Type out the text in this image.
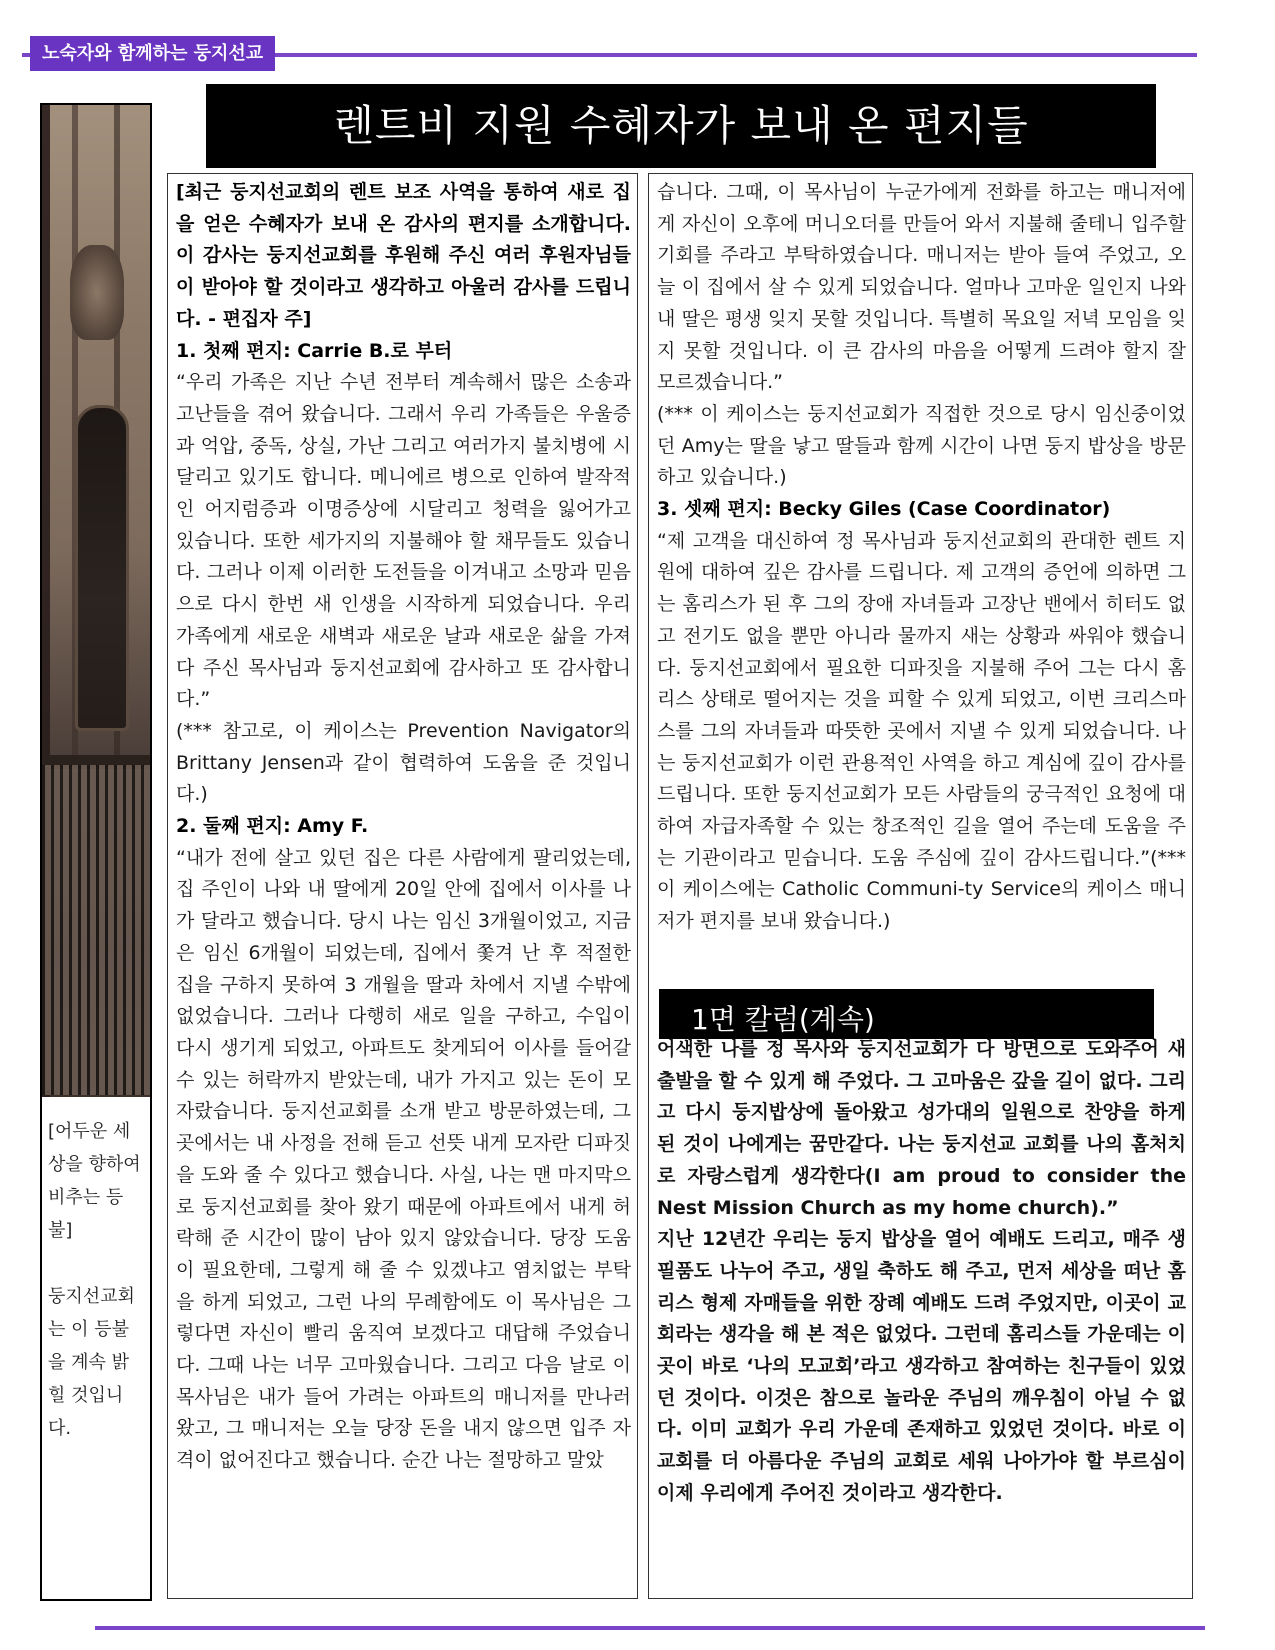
노숙자와 함께하는 둥지선교
렌트비 지원 수혜자가 보내 온 편지들

[어두운 세상을 향하여 비추는 등불]

둥지선교회는 이 등불을 계속 밝힐 것입니다.

[최근 둥지선교회의 렌트 보조 사역을 통하여 새로 집을 얻은 수혜자가 보내 온 감사의 편지를 소개합니다. 이 감사는 둥지선교회를 후원해 주신 여러 후원자님들이 받아야 할 것이라고 생각하고 아울러 감사를 드립니다. - 편집자 주]

1. 첫째 편지: Carrie B.로 부터

“우리 가족은 지난 수년 전부터 계속해서 많은 소송과 고난들을 겪어 왔습니다. 그래서 우리 가족들은 우울증과 억압, 중독, 상실, 가난 그리고 여러가지 불치병에 시달리고 있기도 합니다. 메니에르 병으로 인하여 발작적인 어지럼증과 이명증상에 시달리고 청력을 잃어가고 있습니다. 또한 세가지의 지불해야 할 채무들도 있습니다. 그러나 이제 이러한 도전들을 이겨내고 소망과 믿음으로 다시 한번 새 인생을 시작하게 되었습니다. 우리 가족에게 새로운 새벽과 새로운 날과 새로운 삶을 가져다 주신 목사님과 둥지선교회에 감사하고 또 감사합니다.”

(*** 참고로, 이 케이스는 Prevention Navigator의 Brittany Jensen과 같이 협력하여 도움을 준 것입니다.)

2. 둘째 편지: Amy F.

“내가 전에 살고 있던 집은 다른 사람에게 팔리었는데, 집 주인이 나와 내 딸에게 20일 안에 집에서 이사를 나가 달라고 했습니다. 당시 나는 임신 3개월이었고, 지금은 임신 6개월이 되었는데, 집에서 쫓겨 난 후 적절한 집을 구하지 못하여 3 개월을 딸과 차에서 지낼 수밖에 없었습니다. 그러나 다행히 새로 일을 구하고, 수입이 다시 생기게 되었고, 아파트도 찾게되어 이사를 들어갈 수 있는 허락까지 받았는데, 내가 가지고 있는 돈이 모자랐습니다. 둥지선교회를 소개 받고 방문하였는데, 그곳에서는 내 사정을 전해 듣고 선뜻 내게 모자란 디파짓을 도와 줄 수 있다고 했습니다. 사실, 나는 맨 마지막으로 둥지선교회를 찾아 왔기 때문에 아파트에서 내게 허락해 준 시간이 많이 남아 있지 않았습니다. 당장 도움이 필요한데, 그렇게 해 줄 수 있겠냐고 염치없는 부탁을 하게 되었고, 그런 나의 무례함에도 이 목사님은 그렇다면 자신이 빨리 움직여 보겠다고 대답해 주었습니다. 그때 나는 너무 고마웠습니다. 그리고 다음 날로 이 목사님은 내가 들어 가려는 아파트의 매니저를 만나러 왔고, 그 매니저는 오늘 당장 돈을 내지 않으면 입주 자격이 없어진다고 했습니다. 순간 나는 절망하고 말았

습니다. 그때, 이 목사님이 누군가에게 전화를 하고는 매니저에게 자신이 오후에 머니오더를 만들어 와서 지불해 줄테니 입주할 기회를 주라고 부탁하였습니다. 매니저는 받아 들여 주었고, 오늘 이 집에서 살 수 있게 되었습니다. 얼마나 고마운 일인지 나와 내 딸은 평생 잊지 못할 것입니다. 특별히 목요일 저녁 모임을 잊지 못할 것입니다. 이 큰 감사의 마음을 어떻게 드려야 할지 잘 모르겠습니다.”

(*** 이 케이스는 둥지선교회가 직접한 것으로 당시 임신중이었던 Amy는 딸을 낳고 딸들과 함께 시간이 나면 둥지 밥상을 방문하고 있습니다.)

3. 셋째 편지: Becky Giles (Case Coordinator)

“제 고객을 대신하여 정 목사님과 둥지선교회의 관대한 렌트 지원에 대하여 깊은 감사를 드립니다. 제 고객의 증언에 의하면 그는 홈리스가 된 후 그의 장애 자녀들과 고장난 밴에서 히터도 없고 전기도 없을 뿐만 아니라 물까지 새는 상황과 싸워야 했습니다. 둥지선교회에서 필요한 디파짓을 지불해 주어 그는 다시 홈리스 상태로 떨어지는 것을 피할 수 있게 되었고, 이번 크리스마스를 그의 자녀들과 따뜻한 곳에서 지낼 수 있게 되었습니다. 나는 둥지선교회가 이런 관용적인 사역을 하고 계심에 깊이 감사를 드립니다. 또한 둥지선교회가 모든 사람들의 궁극적인 요청에 대하여 자급자족할 수 있는 창조적인 길을 열어 주는데 도움을 주는 기관이라고 믿습니다. 도움 주심에 깊이 감사드립니다.”(*** 이 케이스에는 Catholic Communi-ty Service의 케이스 매니저가 편지를 보내 왔습니다.)

1면 칼럼(계속)

어색한 나를 정 목사와 둥지선교회가 다 방면으로 도와주어 새 출발을 할 수 있게 해 주었다. 그 고마움은 갚을 길이 없다. 그리고 다시 둥지밥상에 돌아왔고 성가대의 일원으로 찬양을 하게 된 것이 나에게는 꿈만같다. 나는 둥지선교 교회를 나의 홈처치로 자랑스럽게 생각한다(I am proud to consider the Nest Mission Church as my home church).”

지난 12년간 우리는 둥지 밥상을 열어 예배도 드리고, 매주 생필품도 나누어 주고, 생일 축하도 해 주고, 먼저 세상을 떠난 홈리스 형제 자매들을 위한 장례 예배도 드려 주었지만, 이곳이 교회라는 생각을 해 본 적은 없었다. 그런데 홈리스들 가운데는 이곳이 바로 ‘나의 모교회’라고 생각하고 참여하는 친구들이 있었던 것이다. 이것은 참으로 놀라운 주님의 깨우침이 아닐 수 없다. 이미 교회가 우리 가운데 존재하고 있었던 것이다. 바로 이 교회를 더 아름다운 주님의 교회로 세워 나아가야 할 부르심이 이제 우리에게 주어진 것이라고 생각한다.
